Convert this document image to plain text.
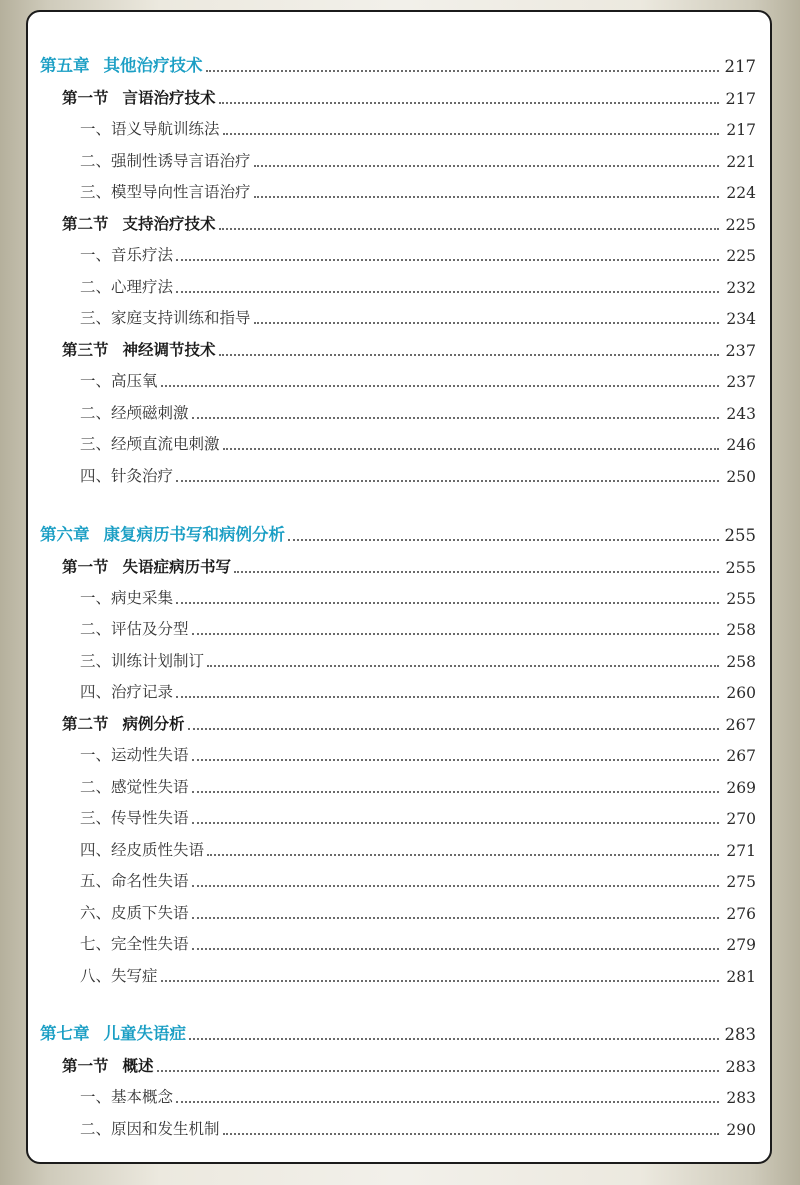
第五章 其他治疗技术	217
第一节 言语治疗技术	217
一、语义导航训练法	217
二、强制性诱导言语治疗	221
三、模型导向性言语治疗	224
第二节 支持治疗技术	225
一、音乐疗法	225
二、心理疗法	232
三、家庭支持训练和指导	234
第三节 神经调节技术	237
一、高压氧	237
二、经颅磁刺激	243
三、经颅直流电刺激	246
四、针灸治疗	250
第六章 康复病历书写和病例分析	255
第一节 失语症病历书写	255
一、病史采集	255
二、评估及分型	258
三、训练计划制订	258
四、治疗记录	260
第二节 病例分析	267
一、运动性失语	267
二、感觉性失语	269
三、传导性失语	270
四、经皮质性失语	271
五、命名性失语	275
六、皮质下失语	276
七、完全性失语	279
八、失写症	281
第七章 儿童失语症	283
第一节 概述	283
一、基本概念	283
二、原因和发生机制	290
